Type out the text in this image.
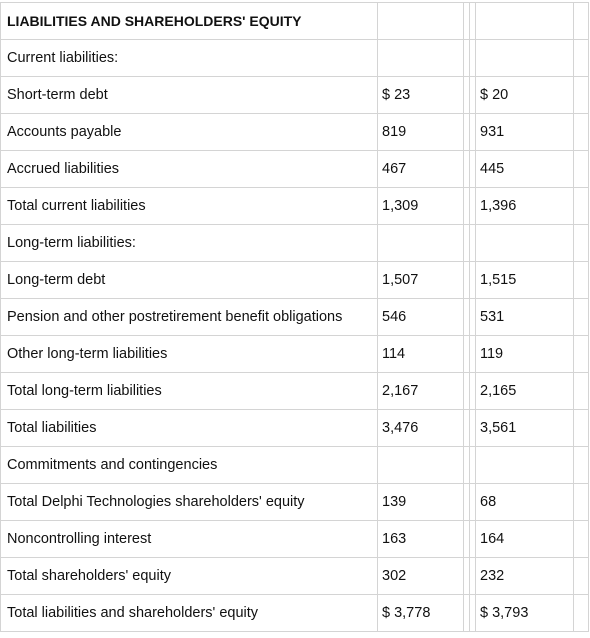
LIABILITIES AND SHAREHOLDERS' EQUITY					
Current liabilities:					
Short-term debt	$ 23			$ 20	
Accounts payable	819			931	
Accrued liabilities	467			445	
Total current liabilities	1,309			1,396	
Long-term liabilities:					
Long-term debt	1,507			1,515	
Pension and other postretirement benefit obligations	546			531	
Other long-term liabilities	114			119	
Total long-term liabilities	2,167			2,165	
Total liabilities	3,476			3,561	
Commitments and contingencies					
Total Delphi Technologies shareholders' equity	139			68	
Noncontrolling interest	163			164	
Total shareholders' equity	302			232	
Total liabilities and shareholders' equity	$ 3,778			$ 3,793	
